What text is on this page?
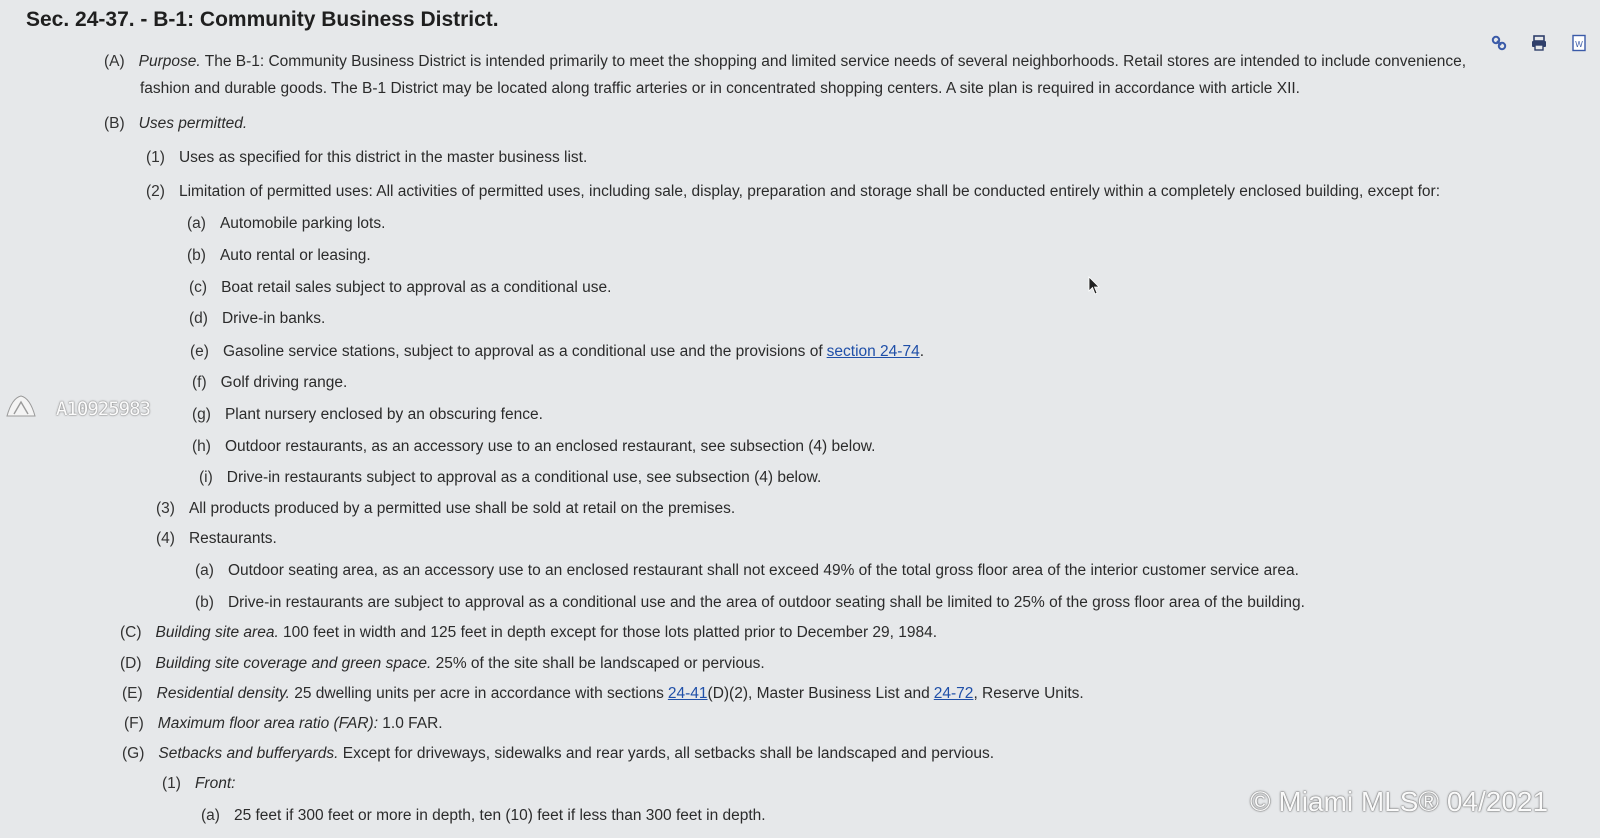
Sec. 24-37. - B-1: Community Business District.
W
(A) Purpose. The B-1: Community Business District is intended primarily to meet the shopping and limited service needs of several neighborhoods. Retail stores are intended to include convenience,
fashion and durable goods. The B-1 District may be located along traffic arteries or in concentrated shopping centers. A site plan is required in accordance with article XII.
(B) Uses permitted.
(1) Uses as specified for this district in the master business list.
(2) Limitation of permitted uses: All activities of permitted uses, including sale, display, preparation and storage shall be conducted entirely within a completely enclosed building, except for:
(a) Automobile parking lots.
(b) Auto rental or leasing.
(c) Boat retail sales subject to approval as a conditional use.
(d) Drive-in banks.
(e) Gasoline service stations, subject to approval as a conditional use and the provisions of section 24-74.
(f) Golf driving range.
(g) Plant nursery enclosed by an obscuring fence.
(h) Outdoor restaurants, as an accessory use to an enclosed restaurant, see subsection (4) below.
(i) Drive-in restaurants subject to approval as a conditional use, see subsection (4) below.
(3) All products produced by a permitted use shall be sold at retail on the premises.
(4) Restaurants.
(a) Outdoor seating area, as an accessory use to an enclosed restaurant shall not exceed 49% of the total gross floor area of the interior customer service area.
(b) Drive-in restaurants are subject to approval as a conditional use and the area of outdoor seating shall be limited to 25% of the gross floor area of the building.
(C) Building site area. 100 feet in width and 125 feet in depth except for those lots platted prior to December 29, 1984.
(D) Building site coverage and green space. 25% of the site shall be landscaped or pervious.
(E) Residential density. 25 dwelling units per acre in accordance with sections 24-41(D)(2), Master Business List and 24-72, Reserve Units.
(F) Maximum floor area ratio (FAR): 1.0 FAR.
(G) Setbacks and bufferyards. Except for driveways, sidewalks and rear yards, all setbacks shall be landscaped and pervious.
(1) Front:
(a) 25 feet if 300 feet or more in depth, ten (10) feet if less than 300 feet in depth.
A10925983
© Miami MLS® 04/2021
